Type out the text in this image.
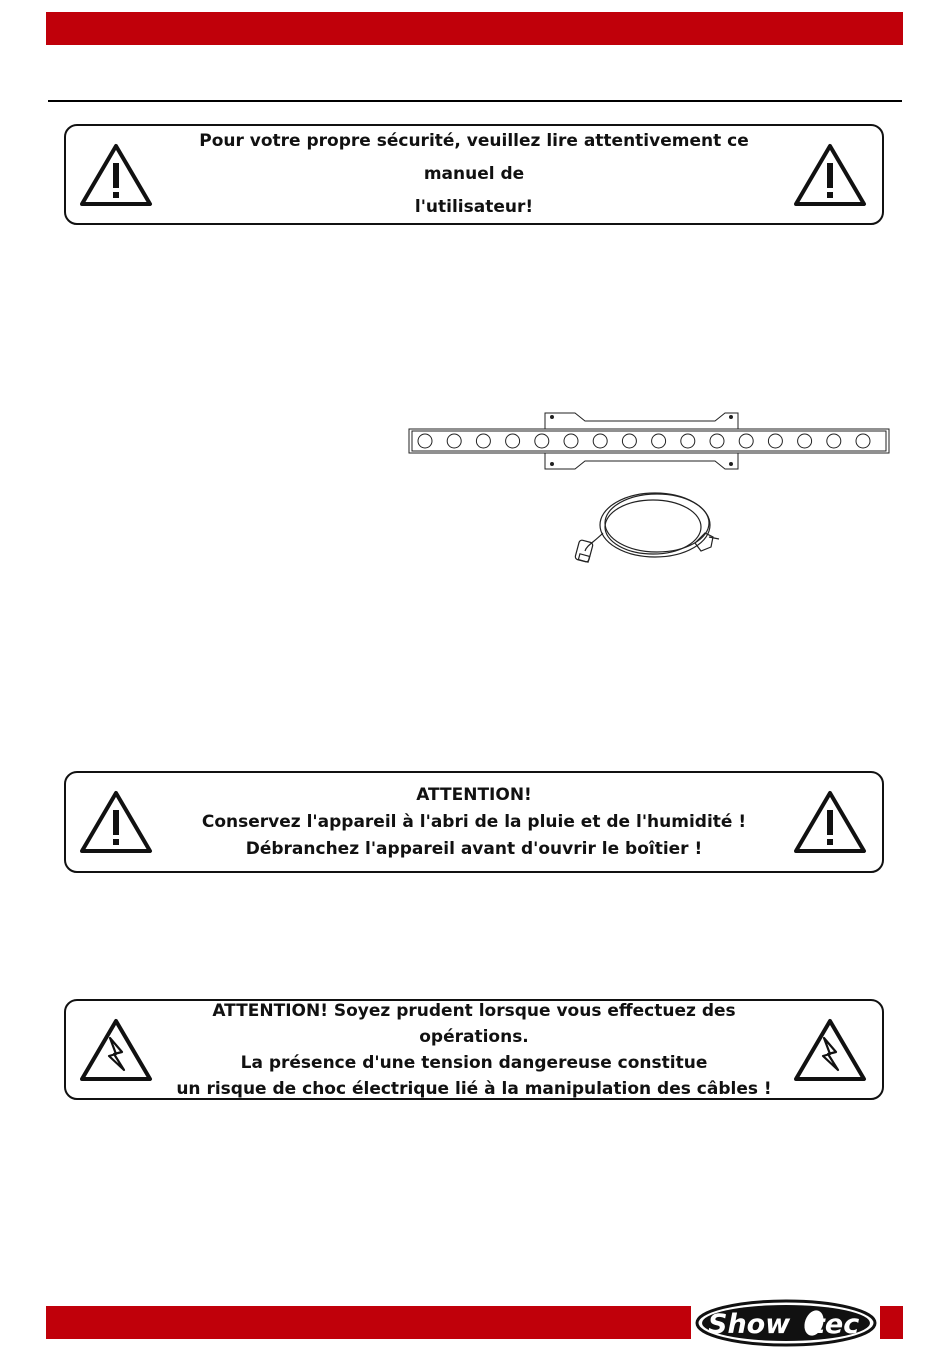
Pour votre propre sécurité, veuillez lire attentivement ce manuel de
l'utilisateur!
ATTENTION!
Conservez l'appareil à l'abri de la pluie et de l'humidité !
Débranchez l'appareil avant d'ouvrir le boîtier !
ATTENTION! Soyez prudent lorsque vous effectuez des opérations.
La présence d'une tension dangereuse constitue
un risque de choc électrique lié à la manipulation des câbles !
Show tec
